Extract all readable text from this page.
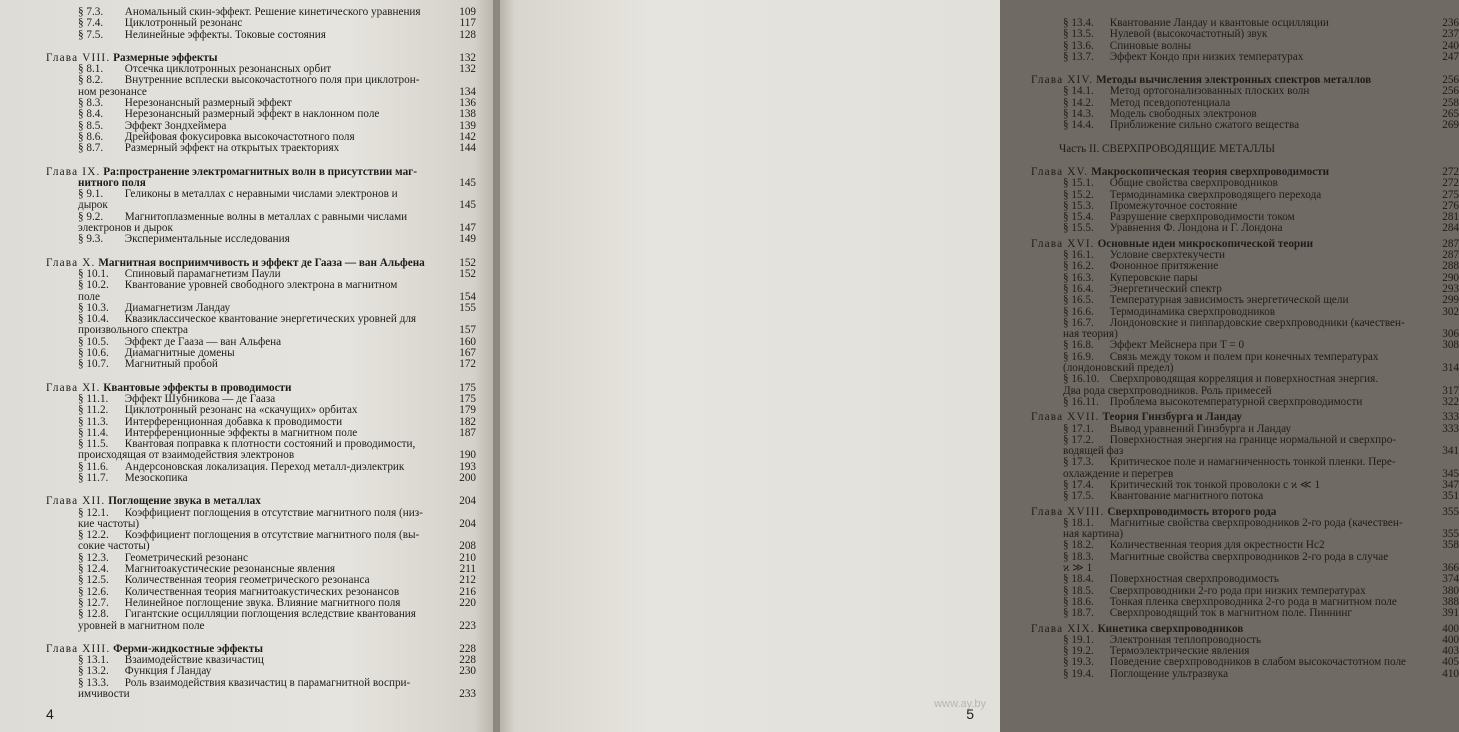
§ 7.3. Аномальный скин-эффект. Решение кинетического уравнения	109
§ 7.4. Циклотронный резонанс	117
§ 7.5. Нелинейные эффекты. Токовые состояния	128
Глава VIII. Размерные эффекты	132
§ 8.1. Отсечка циклотронных резонансных орбит	132
§ 8.2. Внутренние всплески высокочастотного поля при циклотрон-
ном резонансе	134
§ 8.3. Нерезонансный размерный эффект	136
§ 8.4. Нерезонансный размерный эффект в наклонном поле	138
§ 8.5. Эффект Зондхеймера	139
§ 8.6. Дрейфовая фокусировка высокочастотного поля	142
§ 8.7. Размерный эффект на открытых траекториях	144
Глава IX. Ра:пространение электромагнитных волн в присутствии маг-
нитного поля	145
§ 9.1. Геликоны в металлах с неравными числами электронов и
дырок	145
§ 9.2. Магнитоплазменные волны в металлах с равными числами
электронов и дырок	147
§ 9.3. Экспериментальные исследования	149
Глава X. Магнитная восприимчивость и эффект де Гааза — ван Альфена	152
§ 10.1. Спиновый парамагнетизм Паули	152
§ 10.2. Квантование уровней свободного электрона в магнитном
поле	154
§ 10.3. Диамагнетизм Ландау	155
§ 10.4. Квазиклассическое квантование энергетических уровней для
произвольного спектра	157
§ 10.5. Эффект де Гааза — ван Альфена	160
§ 10.6. Диамагнитные домены	167
§ 10.7. Магнитный пробой	172
Глава XI. Квантовые эффекты в проводимости	175
§ 11.1. Эффект Шубникова — де Гааза	175
§ 11.2. Циклотронный резонанс на «скачущих» орбитах	179
§ 11.3. Интерференционная добавка к проводимости	182
§ 11.4. Интерференционные эффекты в магнитном поле	187
§ 11.5. Квантовая поправка к плотности состояний и проводимости,
происходящая от взаимодействия электронов	190
§ 11.6. Андерсоновская локализация. Переход металл-диэлектрик	193
§ 11.7. Мезоскопика	200
Глава XII. Поглощение звука в металлах	204
§ 12.1. Коэффициент поглощения в отсутствие магнитного поля (низ-
кие частоты)	204
§ 12.2. Коэффициент поглощения в отсутствие магнитного поля (вы-
сокие частоты)	208
§ 12.3. Геометрический резонанс	210
§ 12.4. Магнитоакустические резонансные явления	211
§ 12.5. Количественная теория геометрического резонанса	212
§ 12.6. Количественная теория магнитоакустических резонансов	216
§ 12.7. Нелинейное поглощение звука. Влияние магнитного поля	220
§ 12.8. Гигантские осцилляции поглощения вследствие квантования
уровней в магнитном поле	223
Глава XIII. Ферми-жидкостные эффекты	228
§ 13.1. Взаимодействие квазичастиц	228
§ 13.2. Функция f Ландау	230
§ 13.3. Роль взаимодействия квазичастиц в парамагнитной воспри-
имчивости	233
4
§ 13.4. Квантование Ландау и квантовые осцилляции	236
§ 13.5. Нулевой (высокочастотный) звук	237
§ 13.6. Спиновые волны	240
§ 13.7. Эффект Кондо при низких температурах	247
Глава XIV. Методы вычисления электронных спектров металлов	256
§ 14.1. Метод ортогонализованных плоских волн	256
§ 14.2. Метод псевдопотенциала	258
§ 14.3. Модель свободных электронов	265
§ 14.4. Приближение сильно сжатого вещества	269
Часть II. СВЕРХПРОВОДЯЩИЕ МЕТАЛЛЫ
Глава XV. Макроскопическая теория сверхпроводимости	272
§ 15.1. Общие свойства сверхпроводников	272
§ 15.2. Термодинамика сверхпроводящего перехода	275
§ 15.3. Промежуточное состояние	276
§ 15.4. Разрушение сверхпроводимости током	281
§ 15.5. Уравнения Ф. Лондона и Г. Лондона	284
Глава XVI. Основные идеи микроскопической теории	287
§ 16.1. Условие сверхтекучести	287
§ 16.2. Фононное притяжение	288
§ 16.3. Куперовские пары	290
§ 16.4. Энергетический спектр	293
§ 16.5. Температурная зависимость энергетической щели	299
§ 16.6. Термодинамика сверхпроводников	302
§ 16.7. Лондоновские и пиппардовские сверхпроводники (качествен-
ная теория)	306
§ 16.8. Эффект Мейснера при T = 0	308
§ 16.9. Связь между током и полем при конечных температурах
(лондоновский предел)	314
§ 16.10. Сверхпроводящая корреляция и поверхностная энергия.
Два рода сверхпроводников. Роль примесей	317
§ 16.11. Проблема высокотемпературной сверхпроводимости	322
Глава XVII. Теория Гинзбурга и Ландау	333
§ 17.1. Вывод уравнений Гинзбурга и Ландау	333
§ 17.2. Поверхностная энергия на границе нормальной и сверхпро-
водящей фаз	341
§ 17.3. Критическое поле и намагниченность тонкой пленки. Пере-
охлаждение и перегрев	345
§ 17.4. Критический ток тонкой проволоки с ϰ ≪ 1	347
§ 17.5. Квантование магнитного потока	351
Глава XVIII. Сверхпроводимость второго рода	355
§ 18.1. Магнитные свойства сверхпроводников 2-го рода (качествен-
ная картина)	355
§ 18.2. Количественная теория для окрестности Hc2	358
§ 18.3. Магнитные свойства сверхпроводников 2-го рода в случае
ϰ ≫ 1	366
§ 18.4. Поверхностная сверхпроводимость	374
§ 18.5. Сверхпроводники 2-го рода при низких температурах	380
§ 18.6. Тонкая пленка сверхпроводника 2-го рода в магнитном поле	388
§ 18.7. Сверхпроводящий ток в магнитном поле. Пиннинг	391
Глава XIX. Кинетика сверхпроводников	400
§ 19.1. Электронная теплопроводность	400
§ 19.2. Термоэлектрические явления	403
§ 19.3. Поведение сверхпроводников в слабом высокочастотном поле	405
§ 19.4. Поглощение ультразвука	410
5
www.ay.by
